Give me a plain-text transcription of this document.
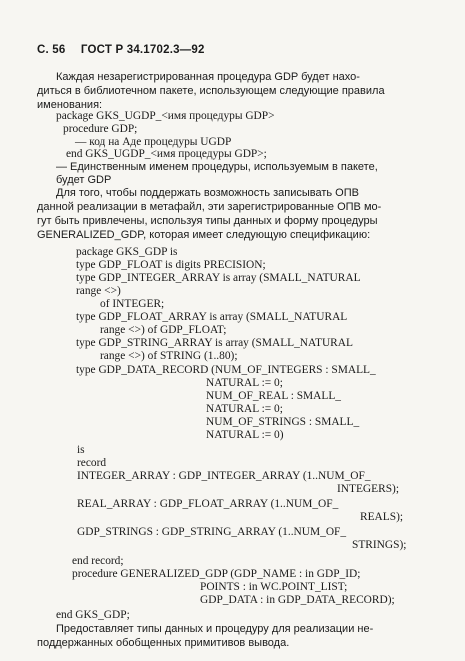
С. 56 ГОСТ Р 34.1702.3—92
Каждая незарегистрированная процедура GDP будет нахо-
диться в библиотечном пакете, использующем следующие правила
именования:
package GKS_UGDP_<имя процедуры GDP>
procedure GDP;
— код на Аде процедуры UGDP
end GKS_UGDP_<имя процедуры GDP>;
— Единственным именем процедуры, используемым в пакете,
будет GDP
Для того, чтобы поддержать возможность записывать ОПВ
данной реализации в метафайл, эти зарегистрированные ОПВ мо-
гут быть привлечены, используя типы данных и форму процедуры
GENERALIZED_GDP, которая имеет следующую спецификацию:
package GKS_GDP is
type GDP_FLOAT is digits PRECISION;
type GDP_INTEGER_ARRAY is array (SMALL_NATURAL
range <>)
of INTEGER;
type GDP_FLOAT_ARRAY is array (SMALL_NATURAL
range <>) of GDP_FLOAT;
type GDP_STRING_ARRAY is array (SMALL_NATURAL
range <>) of STRING (1..80);
type GDP_DATA_RECORD (NUM_OF_INTEGERS : SMALL_
NATURAL := 0;
NUM_OF_REAL : SMALL_
NATURAL := 0;
NUM_OF_STRINGS : SMALL_
NATURAL := 0)
is
record
INTEGER_ARRAY : GDP_INTEGER_ARRAY (1..NUM_OF_
INTEGERS);
REAL_ARRAY : GDP_FLOAT_ARRAY (1..NUM_OF_
REALS);
GDP_STRINGS : GDP_STRING_ARRAY (1..NUM_OF_
STRINGS);
end record;
procedure GENERALIZED_GDP (GDP_NAME : in GDP_ID;
POINTS : in WC.POINT_LIST;
GDP_DATA : in GDP_DATA_RECORD);
end GKS_GDP;
Предоставляет типы данных и процедуру для реализации не-
поддержанных обобщенных примитивов вывода.
